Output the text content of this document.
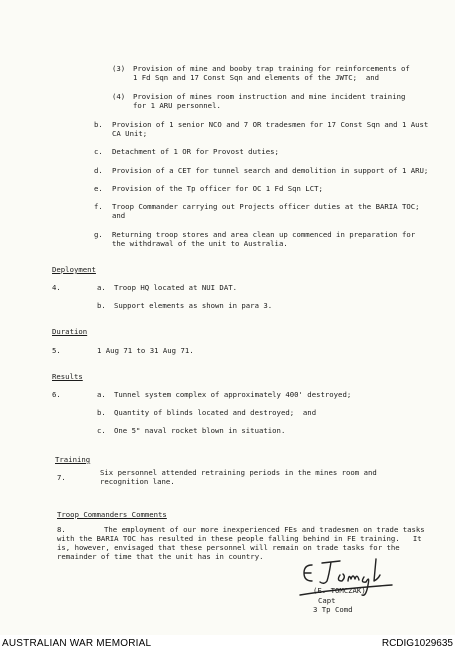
(3) Provision of mine and booby trap training for reinforcements of
1 Fd Sqn and 17 Const Sqn and elements of the JWTC;  and
(4) Provision of mines room instruction and mine incident training
for 1 ARU personnel.
b. Provision of 1 senior NCO and 7 OR tradesmen for 17 Const Sqn and 1 Aust
CA Unit;
c. Detachment of 1 OR for Provost duties;
d. Provision of a CET for tunnel search and demolition in support of 1 ARU;
e. Provision of the Tp officer for OC 1 Fd Sqn LCT;
f. Troop Commander carrying out Projects officer duties at the BARIA TOC;
and
g. Returning troop stores and area clean up commenced in preparation for
the withdrawal of the unit to Australia.
Deployment
4.	a. Troop HQ located at NUI DAT.
b. Support elements as shown in para 3.
Duration
5.	1 Aug 71 to 31 Aug 71.
Results
6.	a. Tunnel system complex of approximately 400' destroyed;
b. Quantity of blinds located and destroyed;  and
c. One 5" naval rocket blown in situation.
Training
7.
Six personnel attended retraining periods in the mines room and
recognition lane.
Troop Commanders Comments
8.	The employment of our more inexperienced FEs and tradesmen on trade tasks
with the BARIA TOC has resulted in these people falling behind in FE training.   It
is, however, envisaged that these personnel will remain on trade tasks for the
remainder of time that the unit has in country.
(E. TOMCZAK)
Capt
3 Tp Comd
AUSTRALIAN WAR MEMORIAL	RCDIG1029635
